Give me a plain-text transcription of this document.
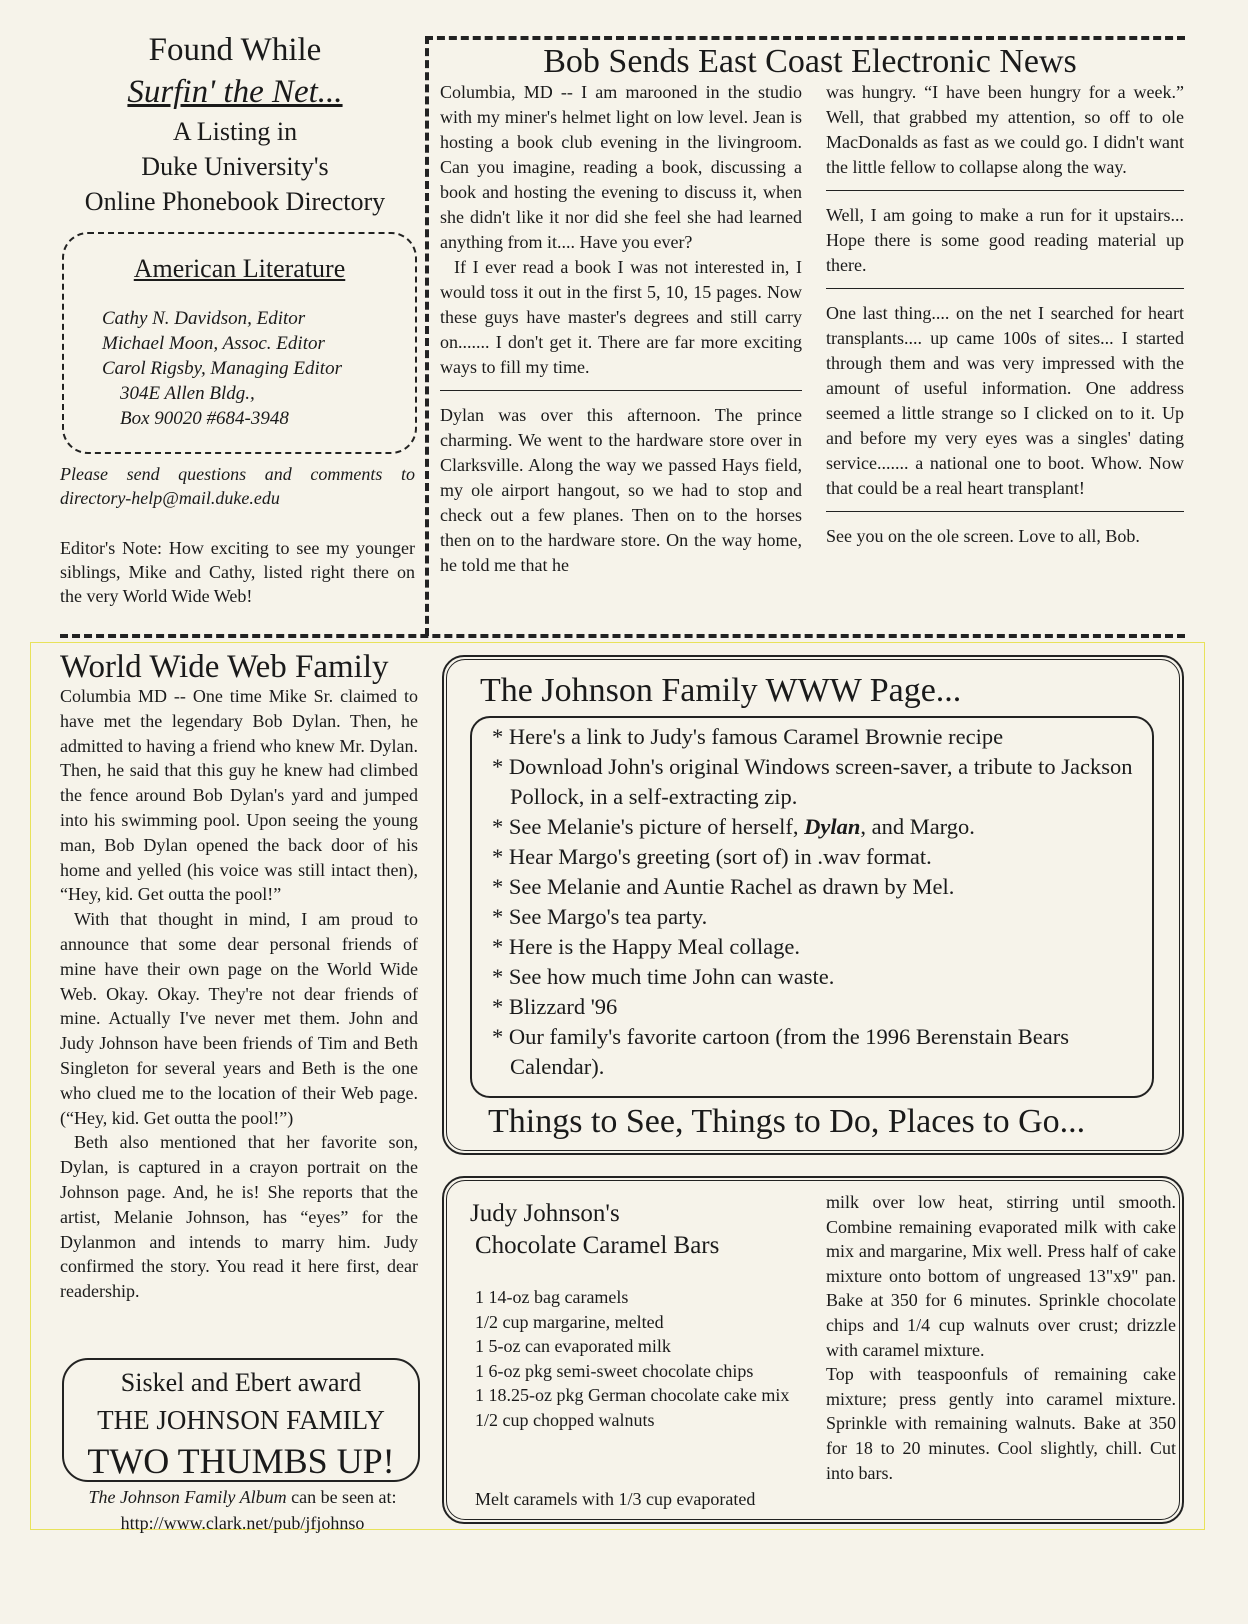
Found While
Surfin' the Net...
A Listing in
Duke University's
Online Phonebook Directory
American Literature
Cathy N. Davidson, Editor
Michael Moon, Assoc. Editor
Carol Rigsby, Managing Editor
304E Allen Bldg.,
Box 90020 #684-3948

Please send questions and comments to directory-help@mail.duke.edu

Editor's Note: How exciting to see my younger siblings, Mike and Cathy, listed right there on the very World Wide Web!

Bob Sends East Coast Electronic News

Columbia, MD -- I am marooned in the studio with my miner's helmet light on low level. Jean is hosting a book club evening in the livingroom. Can you imagine, reading a book, discussing a book and hosting the evening to discuss it, when she didn't like it nor did she feel she had learned anything from it.... Have you ever?

If I ever read a book I was not interested in, I would toss it out in the first 5, 10, 15 pages. Now these guys have master's degrees and still carry on....... I don't get it. There are far more exciting ways to fill my time.

Dylan was over this afternoon. The prince charming. We went to the hardware store over in Clarksville. Along the way we passed Hays field, my ole airport hangout, so we had to stop and check out a few planes. Then on to the horses then on to the hardware store. On the way home, he told me that he

was hungry. “I have been hungry for a week.” Well, that grabbed my attention, so off to ole MacDonalds as fast as we could go. I didn't want the little fellow to collapse along the way.

Well, I am going to make a run for it upstairs... Hope there is some good reading material up there.

One last thing.... on the net I searched for heart transplants.... up came 100s of sites... I started through them and was very impressed with the amount of useful information. One address seemed a little strange so I clicked on to it. Up and before my very eyes was a singles' dating service....... a national one to boot. Whow. Now that could be a real heart transplant!

See you on the ole screen. Love to all, Bob.

World Wide Web Family

Columbia MD -- One time Mike Sr. claimed to have met the legendary Bob Dylan. Then, he admitted to having a friend who knew Mr. Dylan. Then, he said that this guy he knew had climbed the fence around Bob Dylan's yard and jumped into his swimming pool. Upon seeing the young man, Bob Dylan opened the back door of his home and yelled (his voice was still intact then), “Hey, kid. Get outta the pool!”

With that thought in mind, I am proud to announce that some dear personal friends of mine have their own page on the World Wide Web. Okay. Okay. They're not dear friends of mine. Actually I've never met them. John and Judy Johnson have been friends of Tim and Beth Singleton for several years and Beth is the one who clued me to the location of their Web page. (“Hey, kid. Get outta the pool!”)

Beth also mentioned that her favorite son, Dylan, is captured in a crayon portrait on the Johnson page. And, he is! She reports that the artist, Melanie Johnson, has “eyes” for the Dylanmon and intends to marry him. Judy confirmed the story. You read it here first, dear readership.

Siskel and Ebert award
THE JOHNSON FAMILY
TWO THUMBS UP!
The Johnson Family Album can be seen at:
http://www.clark.net/pub/jfjohnso
The Johnson Family WWW Page...
* Here's a link to Judy's famous Caramel Brownie recipe
* Download John's original Windows screen-saver, a tribute to Jackson Pollock, in a self-extracting zip.
* See Melanie's picture of herself, Dylan, and Margo.
* Hear Margo's greeting (sort of) in .wav format.
* See Melanie and Auntie Rachel as drawn by Mel.
* See Margo's tea party.
* Here is the Happy Meal collage.
* See how much time John can waste.
* Blizzard '96
* Our family's favorite cartoon (from the 1996 Berenstain Bears Calendar).
Things to See, Things to Do, Places to Go...
Judy Johnson's
Chocolate Caramel Bars
1 14-oz bag caramels
1/2 cup margarine, melted
1 5-oz can evaporated milk
1 6-oz pkg semi-sweet chocolate chips
1 18.25-oz pkg German chocolate cake mix
1/2 cup chopped walnuts
Melt caramels with 1/3 cup evaporated

milk over low heat, stirring until smooth. Combine remaining evaporated milk with cake mix and margarine, Mix well. Press half of cake mixture onto bottom of ungreased 13"x9" pan. Bake at 350 for 6 minutes. Sprinkle chocolate chips and 1/4 cup walnuts over crust; drizzle with caramel mixture.

Top with teaspoonfuls of remaining cake mixture; press gently into caramel mixture. Sprinkle with remaining walnuts. Bake at 350 for 18 to 20 minutes. Cool slightly, chill. Cut into bars.
